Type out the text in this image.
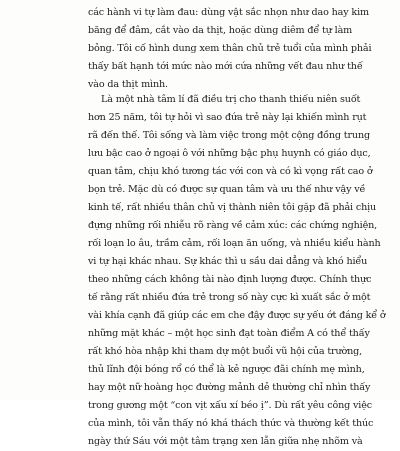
các hành vi tự làm đau: dùng vật sắc nhọn như dao hay kim
băng để đâm, cắt vào da thịt, hoặc dùng diêm để tự làm
bỏng. Tôi cố hình dung xem thân chủ trẻ tuổi của mình phải
thấy bất hạnh tới mức nào mới cứa những vết đau như thế
vào da thịt mình.
Là một nhà tâm lí đã điều trị cho thanh thiếu niên suốt
hơn 25 năm, tôi tự hỏi vì sao đứa trẻ này lại khiến mình rụt
rã đến thế. Tôi sống và làm việc trong một cộng đồng trung
lưu bậc cao ở ngoại ô với những bậc phụ huynh có giáo dục,
quan tâm, chịu khó tương tác với con và có kì vọng rất cao ở
bọn trẻ. Mặc dù có được sự quan tâm và ưu thế như vậy về
kinh tế, rất nhiều thân chủ vị thành niên tôi gặp đã phải chịu
đựng những rối nhiễu rõ ràng về cảm xúc: các chứng nghiện,
rối loạn lo âu, trầm cảm, rối loạn ăn uống, và nhiều kiểu hành
vi tự hại khác nhau. Sự khác thì u sầu dai dẳng và khó hiểu
theo những cách không tài nào định lượng được. Chính thực
tế rằng rất nhiều đứa trẻ trong số này cực kì xuất sắc ở một
vài khía cạnh đã giúp các em che đậy được sự yếu ớt đáng kể ở
những mặt khác – một học sinh đạt toàn điểm A có thể thấy
rất khó hòa nhập khi tham dự một buổi vũ hội của trường,
thủ lĩnh đội bóng rổ có thể là kẻ ngược đãi chính mẹ mình,
hay một nữ hoàng học đường mảnh dẻ thường chỉ nhìn thấy
trong gương một “con vịt xấu xí béo ị”. Dù rất yêu công việc
của mình, tôi vẫn thấy nó khá thách thức và thường kết thúc
ngày thứ Sáu với một tâm trạng xen lẫn giữa nhẹ nhõm và
